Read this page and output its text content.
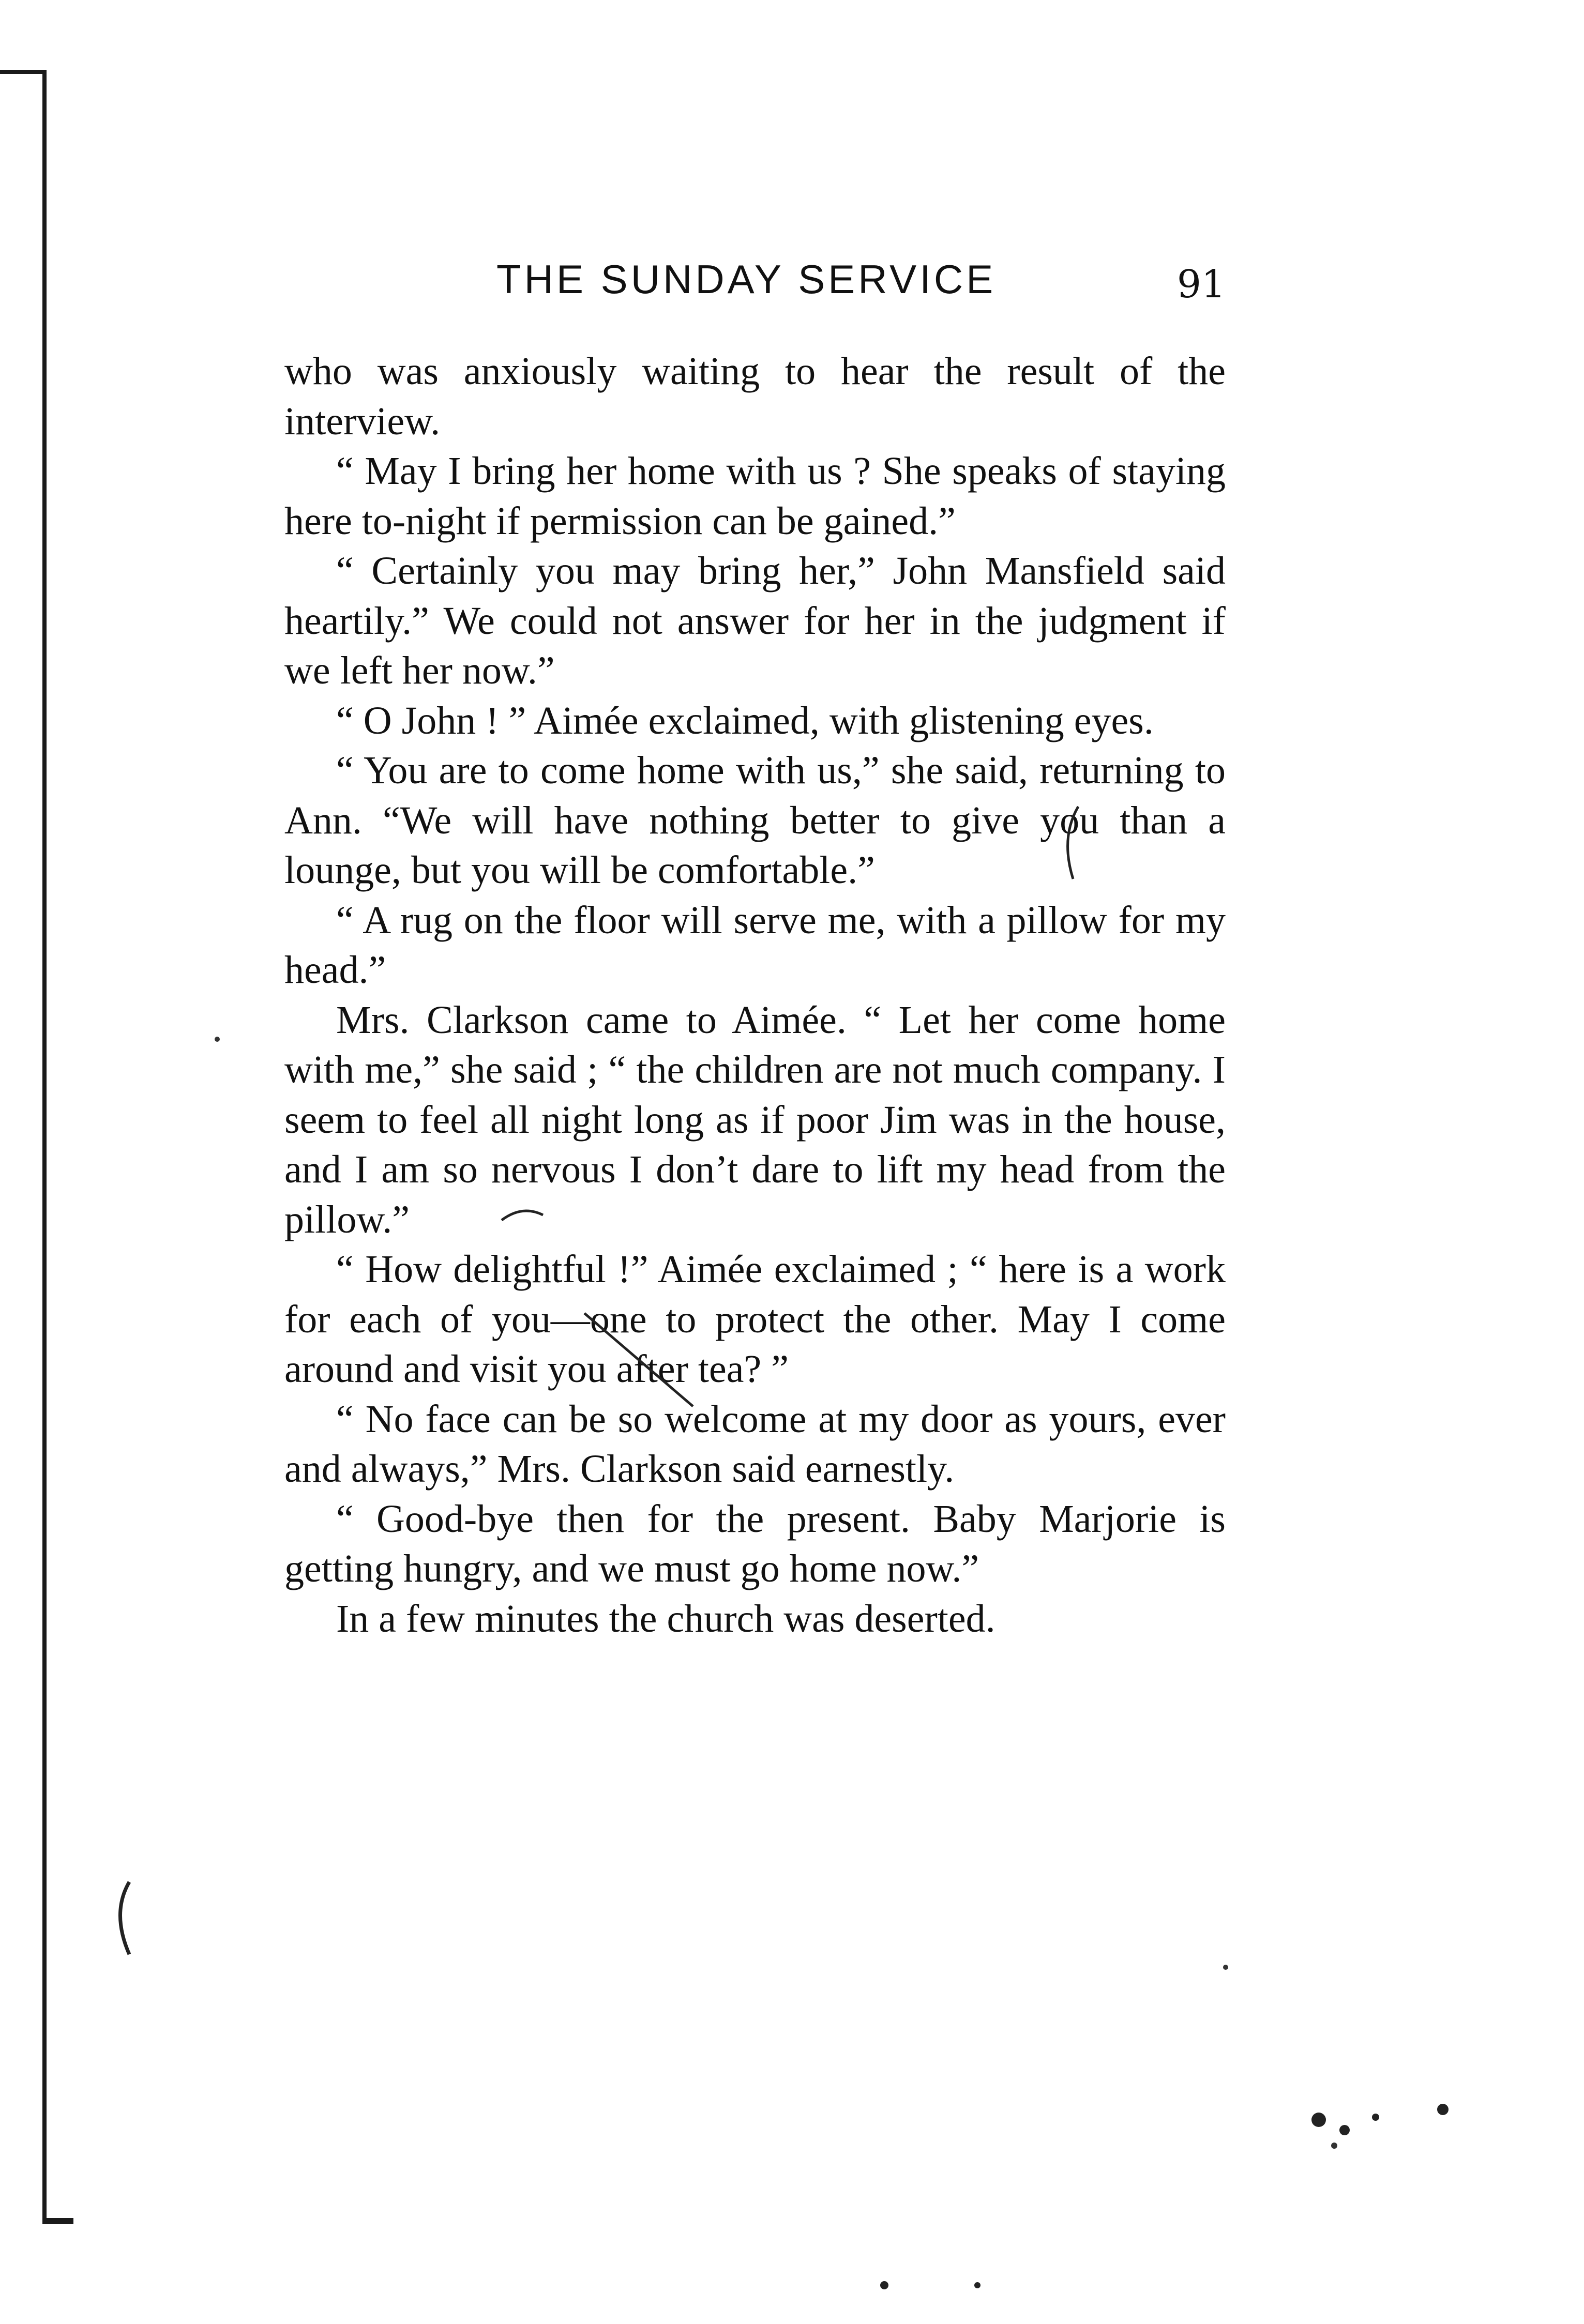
THE SUNDAY SERVICE	91

who was anxiously waiting to hear the result of the interview.

“ May I bring her home with us ? She speaks of staying here to-night if permission can be gained.”

“ Certainly you may bring her,” John Mansfield said heartily.” We could not answer for her in the judgment if we left her now.”

“ O John ! ” Aimée exclaimed, with glistening eyes.

“ You are to come home with us,” she said, returning to Ann. “We will have nothing better to give you than a lounge, but you will be comfortable.”

“ A rug on the floor will serve me, with a pillow for my head.”

Mrs. Clarkson came to Aimée. “ Let her come home with me,” she said ; “ the children are not much company. I seem to feel all night long as if poor Jim was in the house, and I am so nervous I don’t dare to lift my head from the pillow.”

“ How delightful !” Aimée exclaimed ; “ here is a work for each of you—one to protect the other. May I come around and visit you after tea? ”

“ No face can be so welcome at my door as yours, ever and always,” Mrs. Clarkson said earnestly.

“ Good-bye then for the present. Baby Marjorie is getting hungry, and we must go home now.”

In a few minutes the church was deserted.
